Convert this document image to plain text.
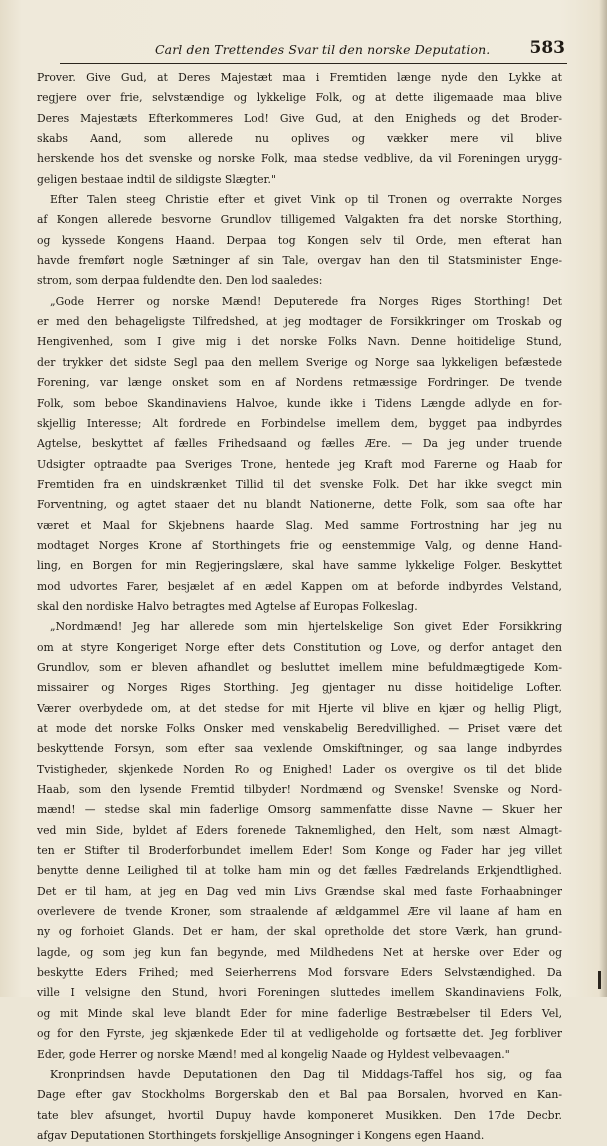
Carl den Trettendes Svar til den norske Deputation. 583
Prover. Give Gud, at Deres Majestæt maa i Fremtiden længe nyde den Lykke at
regjere over frie, selvstændige og lykkelige Folk, og at dette iligemaade maa blive
Deres Majestæts Efterkommeres Lod! Give Gud, at den Enigheds og det Broder-
skabs Aand, som allerede nu oplives og vækker mere vil blive
herskende hos det svenske og norske Folk, maa stedse vedblive, da vil Foreningen urygg-
geligen bestaae indtil de sildigste Slægter."
Efter Talen steeg Christie efter et givet Vink op til Tronen og overrakte Norges
af Kongen allerede besvorne Grundlov tilligemed Valgakten fra det norske Storthing,
og kyssede Kongens Haand. Derpaa tog Kongen selv til Orde, men efterat han
havde fremført nogle Sætninger af sin Tale, overgav han den til Statsminister Enge-
strom, som derpaa fuldendte den. Den lod saaledes:
„Gode Herrer og norske Mænd! Deputerede fra Norges Riges Storthing! Det
er med den behageligste Tilfredshed, at jeg modtager de Forsikkringer om Troskab og
Hengivenhed, som I give mig i det norske Folks Navn. Denne hoitidelige Stund,
der trykker det sidste Segl paa den mellem Sverige og Norge saa lykkeligen befæstede
Forening, var længe onsket som en af Nordens retmæssige Fordringer. De tvende
Folk, som beboe Skandinaviens Halvoe, kunde ikke i Tidens Længde adlyde en for-
skjellig Interesse; Alt fordrede en Forbindelse imellem dem, bygget paa indbyrdes
Agtelse, beskyttet af fælles Frihedsaand og fælles Ære. — Da jeg under truende
Udsigter optraadte paa Sveriges Trone, hentede jeg Kraft mod Farerne og Haab for
Fremtiden fra en uindskrænket Tillid til det svenske Folk. Det har ikke svegct min
Forventning, og agtet staaer det nu blandt Nationerne, dette Folk, som saa ofte har
været et Maal for Skjebnens haarde Slag. Med samme Fortrostning har jeg nu
modtaget Norges Krone af Storthingets frie og eenstemmige Valg, og denne Hand-
ling, en Borgen for min Regjeringslære, skal have samme lykkelige Folger. Beskyttet
mod udvortes Farer, besjælet af en ædel Kappen om at beforde indbyrdes Velstand,
skal den nordiske Halvo betragtes med Agtelse af Europas Folkeslag.
„Nordmænd! Jeg har allerede som min hjertelskelige Son givet Eder Forsikkring
om at styre Kongeriget Norge efter dets Constitution og Love, og derfor antaget den
Grundlov, som er bleven afhandlet og besluttet imellem mine befuldmægtigede Kom-
missairer og Norges Riges Storthing. Jeg gjentager nu disse hoitidelige Lofter.
Værer overbydede om, at det stedse for mit Hjerte vil blive en kjær og hellig Pligt,
at mode det norske Folks Onsker med venskabelig Beredvillighed. — Priset være det
beskyttende Forsyn, som efter saa vexlende Omskiftninger, og saa lange indbyrdes
Tvistigheder, skjenkede Norden Ro og Enighed! Lader os overgive os til det blide
Haab, som den lysende Fremtid tilbyder! Nordmænd og Svenske! Svenske og Nord-
mænd! — stedse skal min faderlige Omsorg sammenfatte disse Navne — Skuer her
ved min Side, byldet af Eders forenede Taknemlighed, den Helt, som næst Almagt-
ten er Stifter til Broderforbundet imellem Eder! Som Konge og Fader har jeg villet
benytte denne Leilighed til at tolke ham min og det fælles Fædrelands Erkjendtlighed.
Det er til ham, at jeg en Dag ved min Livs Grændse skal med faste Forhaabninger
overlevere de tvende Kroner, som straalende af ældgammel Ære vil laane af ham en
ny og forhoiet Glands. Det er ham, der skal opretholde det store Værk, han grund-
lagde, og som jeg kun fan begynde, med Mildhedens Net at herske over Eder og
beskytte Eders Frihed; med Seierherrens Mod forsvare Eders Selvstændighed. Da
ville I velsigne den Stund, hvori Foreningen sluttedes imellem Skandinaviens Folk,
og mit Minde skal leve blandt Eder for mine faderlige Bestræbelser til Eders Vel,
og for den Fyrste, jeg skjænkede Eder til at vedligeholde og fortsætte det. Jeg forbliver
Eder, gode Herrer og norske Mænd! med al kongelig Naade og Hyldest velbevaagen."
Kronprindsen havde Deputationen den Dag til Middags-Taffel hos sig, og faa
Dage efter gav Stockholms Borgerskab den et Bal paa Borsalen, hvorved en Kan-
tate blev afsunget, hvortil Dupuy havde komponeret Musikken. Den 17de Decbr.
afgav Deputationen Storthingets forskjellige Ansogninger i Kongens egen Haand.
